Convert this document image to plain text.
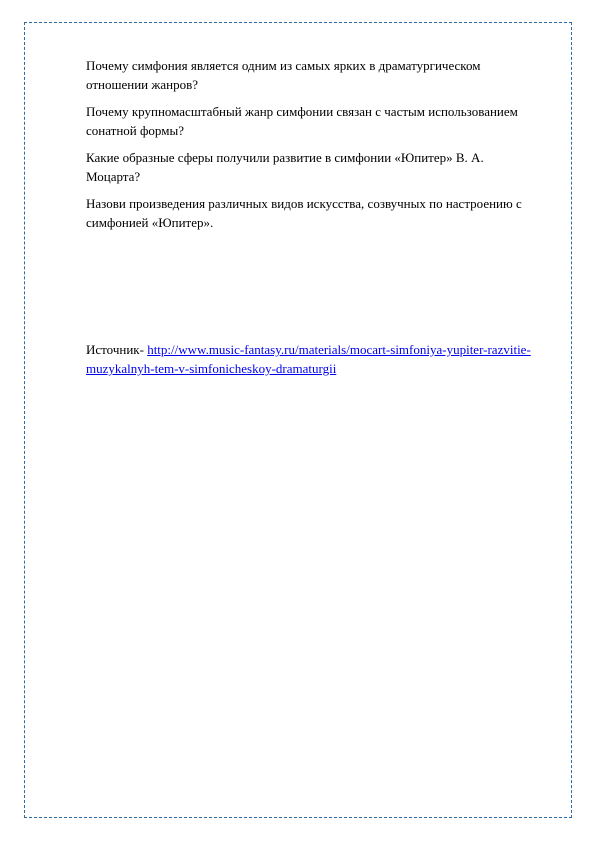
Почему симфония является одним из самых ярких в драматургическом отношении жанров?

Почему крупномасштабный жанр симфонии связан с частым использованием сонатной формы?

Какие образные сферы получили развитие в симфонии «Юпитер» В. А. Моцарта?

Назови произведения различных видов искусства, созвучных по настроению с симфонией «Юпитер».

Источник- http://www.music-fantasy.ru/materials/mocart-simfoniya-yupiter-razvitie-muzykalnyh-tem-v-simfonicheskoy-dramaturgii
